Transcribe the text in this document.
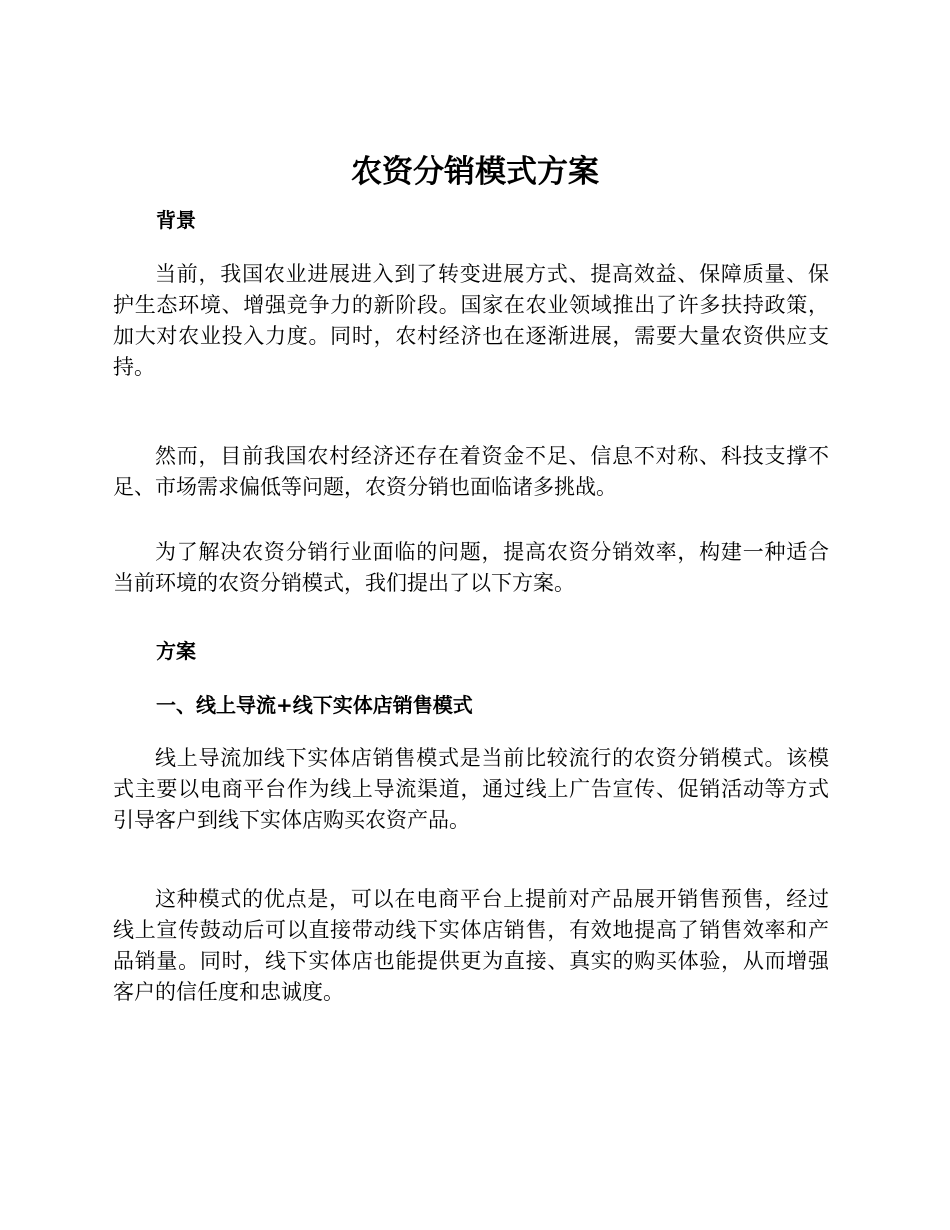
农资分销模式方案
背景
当前，我国农业进展进入到了转变进展方式、提高效益、保障质量、保
护生态环境、增强竞争力的新阶段。国家在农业领域推出了许多扶持政策，
加大对农业投入力度。同时，农村经济也在逐渐进展，需要大量农资供应支
持。
然而，目前我国农村经济还存在着资金不足、信息不对称、科技支撑不
足、市场需求偏低等问题，农资分销也面临诸多挑战。
为了解决农资分销行业面临的问题，提高农资分销效率，构建一种适合
当前环境的农资分销模式，我们提出了以下方案。
方案
一、线上导流+线下实体店销售模式
线上导流加线下实体店销售模式是当前比较流行的农资分销模式。该模
式主要以电商平台作为线上导流渠道，通过线上广告宣传、促销活动等方式
引导客户到线下实体店购买农资产品。
这种模式的优点是，可以在电商平台上提前对产品展开销售预售，经过
线上宣传鼓动后可以直接带动线下实体店销售，有效地提高了销售效率和产
品销量。同时，线下实体店也能提供更为直接、真实的购买体验，从而增强
客户的信任度和忠诚度。
